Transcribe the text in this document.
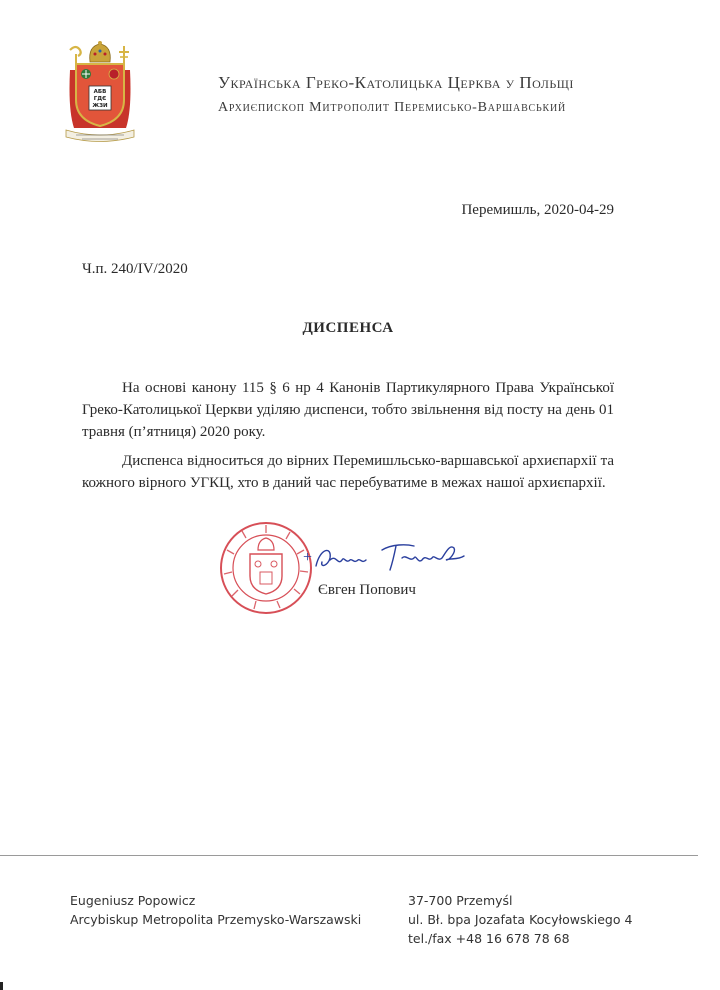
АБВ
ГДЄ
ЖЗИ
Українська Греко-Католицька Церква у Польщі
Архиєпископ Митрополит Перемисько-Варшавський
Перемишль, 2020-04-29
Ч.п. 240/IV/2020
ДИСПЕНСА

На основі канону 115 § 6 нр 4 Канонів Партикулярного Права Української Греко-Католицької Церкви уділяю диспенси, тобто звільнення від посту на день 01 травня (п’ятниця) 2020 року.

Диспенса відноситься до вірних Перемишльсько-варшавської архиєпархії та кожного вірного УГКЦ, хто в даний час перебуватиме в межах нашої архиєпархії.

+
Євген Попович
Eugeniusz Popowicz
Arcybiskup Metropolita Przemysko-Warszawski
37-700 Przemyśl
ul. Bł. bpa Jozafata Kocyłowskiego 4
tel./fax +48 16 678 78 68
